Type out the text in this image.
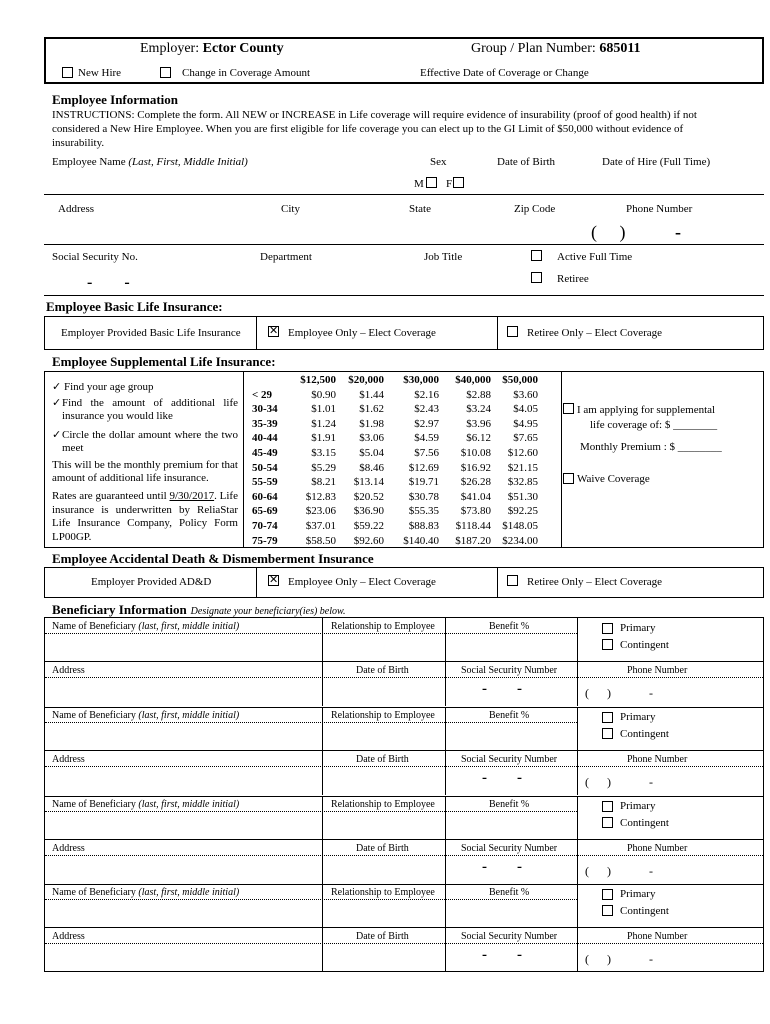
Employer: Ector County	Group / Plan Number: 685011
New Hire	Change in Coverage Amount	Effective Date of Coverage or Change
Employee Information
INSTRUCTIONS: Complete the form. All NEW or INCREASE in Life coverage will require evidence of insurability (proof of good health) if not considered a New Hire Employee. When you are first eligible for life coverage you can elect up to the GI Limit of $50,000 without evidence of insurability.
Employee Name (Last, First, Middle Initial)	Sex	Date of Birth	Date of Hire (Full Time)
M F
Address	City	State	Zip Code	Phone Number
(     )	-
Social Security No.	Department	Job Title	Active Full Time
Retiree
-        -
Employee Basic Life Insurance:
Employer Provided Basic Life Insurance	✕ Employee Only – Elect Coverage	Retiree Only – Elect Coverage
Employee Supplemental Life Insurance:
✓ Find your age group
✓ Find the amount of additional life insurance you would like
✓ Circle the dollar amount where the two meet
This will be the monthly premium for that amount of additional life insurance.
Rates are guaranteed until 9/30/2017. Life insurance is underwritten by ReliaStar Life Insurance Company, Policy Form LP00GP.
$12,500	$20,000	$30,000	$40,000	$50,000
< 29	$0.90	$1.44	$2.16	$2.88	$3.60
30-34	$1.01	$1.62	$2.43	$3.24	$4.05
35-39	$1.24	$1.98	$2.97	$3.96	$4.95
40-44	$1.91	$3.06	$4.59	$6.12	$7.65
45-49	$3.15	$5.04	$7.56	$10.08	$12.60
50-54	$5.29	$8.46	$12.69	$16.92	$21.15
55-59	$8.21	$13.14	$19.71	$26.28	$32.85
60-64	$12.83	$20.52	$30.78	$41.04	$51.30
65-69	$23.06	$36.90	$55.35	$73.80	$92.25
70-74	$37.01	$59.22	$88.83	$118.44	$148.05
75-79	$58.50	$92.60	$140.40	$187.20	$234.00
I am applying for supplemental
life coverage of: $ ________
Monthly Premium : $ ________
Waive Coverage
Employee Accidental Death & Dismemberment Insurance
Employer Provided AD&D	✕ Employee Only – Elect Coverage	Retiree Only – Elect Coverage
Beneficiary Information Designate your beneficiary(ies) below.
Name of Beneficiary (last, first, middle initial)	Relationship to Employee	Benefit %	Primary
Contingent
Address	Date of Birth	Social Security Number	Phone Number
-        -	(      )	-
Name of Beneficiary (last, first, middle initial)	Relationship to Employee	Benefit %	Primary
Contingent
Address	Date of Birth	Social Security Number	Phone Number
-        -	(      )	-
Name of Beneficiary (last, first, middle initial)	Relationship to Employee	Benefit %	Primary
Contingent
Address	Date of Birth	Social Security Number	Phone Number
-        -	(      )	-
Name of Beneficiary (last, first, middle initial)	Relationship to Employee	Benefit %	Primary
Contingent
Address	Date of Birth	Social Security Number	Phone Number
-        -	(      )	-
